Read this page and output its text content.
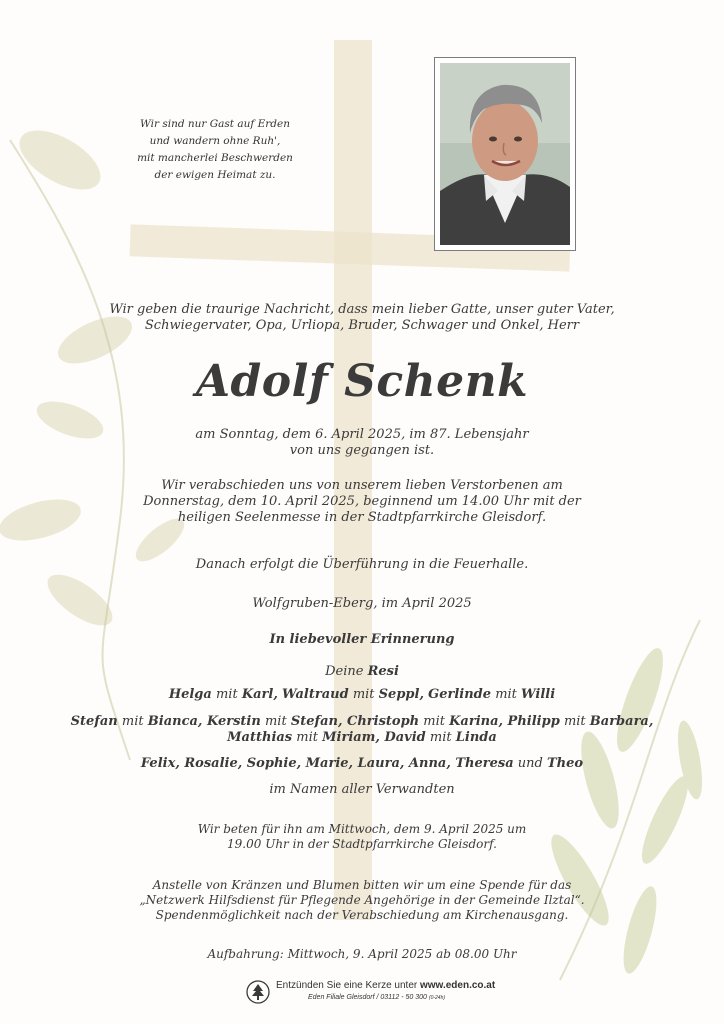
Wir sind nur Gast auf Erden
und wandern ohne Ruh',
mit mancherlei Beschwerden
der ewigen Heimat zu.
Wir geben die traurige Nachricht, dass mein lieber Gatte, unser guter Vater,
Schwiegervater, Opa, Urliopa, Bruder, Schwager und Onkel, Herr
Adolf Schenk
am Sonntag, dem 6. April 2025, im 87. Lebensjahr
von uns gegangen ist.
Wir verabschieden uns von unserem lieben Verstorbenen am
Donnerstag, dem 10. April 2025, beginnend um 14.00 Uhr mit der
heiligen Seelenmesse in der Stadtpfarrkirche Gleisdorf.
Danach erfolgt die Überführung in die Feuerhalle.
Wolfgruben-Eberg, im April 2025
In liebevoller Erinnerung
Deine Resi
Helga mit Karl, Waltraud mit Seppl, Gerlinde mit Willi
Stefan mit Bianca, Kerstin mit Stefan, Christoph mit Karina, Philipp mit Barbara,
Matthias mit Miriam, David mit Linda
Felix, Rosalie, Sophie, Marie, Laura, Anna, Theresa und Theo
im Namen aller Verwandten
Wir beten für ihn am Mittwoch, dem 9. April 2025 um
19.00 Uhr in der Stadtpfarrkirche Gleisdorf.
Anstelle von Kränzen und Blumen bitten wir um eine Spende für das
„Netzwerk Hilfsdienst für Pflegende Angehörige in der Gemeinde Ilztal“.
Spendenmöglichkeit nach der Verabschiedung am Kirchenausgang.
Aufbahrung: Mittwoch, 9. April 2025 ab 08.00 Uhr
Entzünden Sie eine Kerze unter www.eden.co.at
Eden Filiale Gleisdorf / 03112 - 50 300 (0-24h)
